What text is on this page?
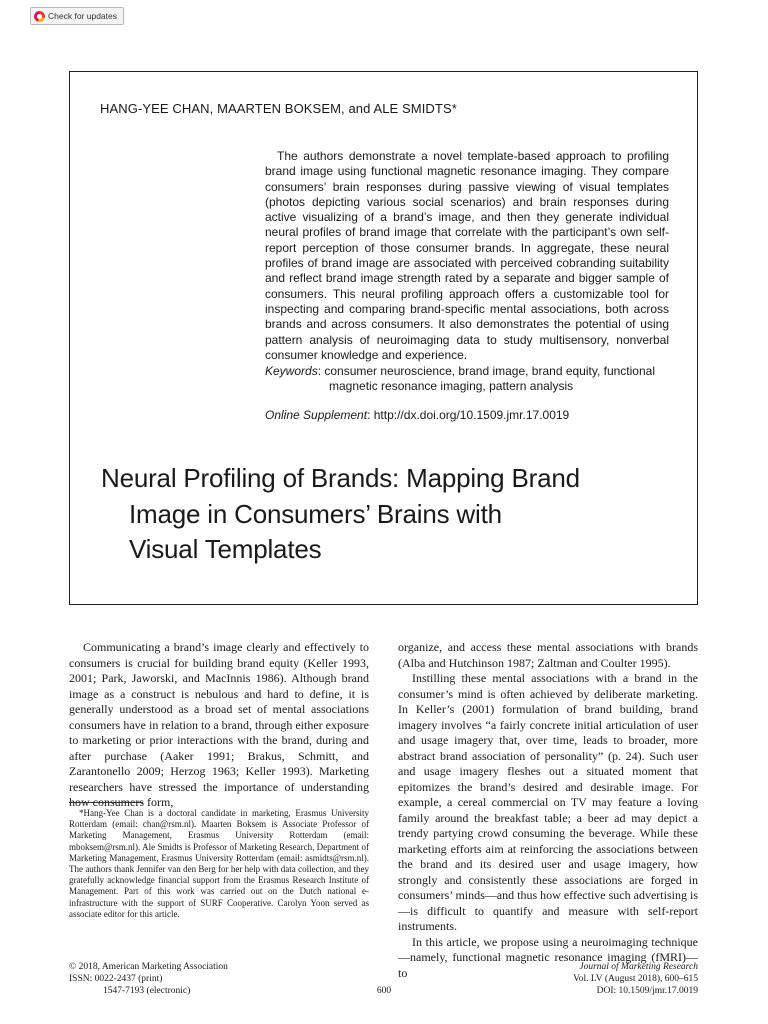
Check for updates
HANG-YEE CHAN, MAARTEN BOKSEM, and ALE SMIDTS*

The authors demonstrate a novel template-based approach to profiling brand image using functional magnetic resonance imaging. They compare consumers’ brain responses during passive viewing of visual templates (photos depicting various social scenarios) and brain responses during active visualizing of a brand’s image, and then they generate individual neural profiles of brand image that correlate with the participant’s own self-report perception of those consumer brands. In aggregate, these neural profiles of brand image are associated with perceived cobranding suitability and reflect brand image strength rated by a separate and bigger sample of consumers. This neural profiling approach offers a customizable tool for inspecting and comparing brand-specific mental associations, both across brands and across consumers. It also demonstrates the potential of using pattern analysis of neuroimaging data to study multisensory, nonverbal consumer knowledge and experience.

Keywords: consumer neuroscience, brand image, brand equity, functional magnetic resonance imaging, pattern analysis
Online Supplement: http://dx.doi.org/10.1509.jmr.17.0019
Neural Profiling of Brands: Mapping Brand
Image in Consumers’ Brains with
Visual Templates

Communicating a brand’s image clearly and effectively to consumers is crucial for building brand equity (Keller 1993, 2001; Park, Jaworski, and MacInnis 1986). Although brand image as a construct is nebulous and hard to define, it is generally understood as a broad set of mental associations consumers have in relation to a brand, through either exposure to marketing or prior interactions with the brand, during and after purchase (Aaker 1991; Brakus, Schmitt, and Zarantonello 2009; Herzog 1963; Keller 1993). Marketing researchers have stressed the importance of understanding how consumers form,

organize, and access these mental associations with brands (Alba and Hutchinson 1987; Zaltman and Coulter 1995).

Instilling these mental associations with a brand in the consumer’s mind is often achieved by deliberate marketing. In Keller’s (2001) formulation of brand building, brand imagery involves “a fairly concrete initial articulation of user and usage imagery that, over time, leads to broader, more abstract brand association of personality” (p. 24). Such user and usage imagery fleshes out a situated moment that epitomizes the brand’s desired and desirable image. For example, a cereal commercial on TV may feature a loving family around the breakfast table; a beer ad may depict a trendy partying crowd consuming the beverage. While these marketing efforts aim at reinforcing the associations between the brand and its desired user and usage imagery, how strongly and consistently these associations are forged in consumers’ minds—and thus how effective such advertising is—is difficult to quantify and measure with self-report instruments.

In this article, we propose using a neuroimaging technique—namely, functional magnetic resonance imaging (fMRI)—to

*Hang-Yee Chan is a doctoral candidate in marketing, Erasmus University Rotterdam (email: chan@rsm.nl). Maarten Boksem is Associate Professor of Marketing Management, Erasmus University Rotterdam (email: mboksem@rsm.nl). Ale Smidts is Professor of Marketing Research, Department of Marketing Management, Erasmus University Rotterdam (email: asmidts@rsm.nl). The authors thank Jennifer van den Berg for her help with data collection, and they gratefully acknowledge financial support from the Erasmus Research Institute of Management. Part of this work was carried out on the Dutch national e-infrastructure with the support of SURF Cooperative. Carolyn Yoon served as associate editor for this article.

© 2018, American Marketing Association
ISSN: 0022-2437 (print)
1547-7193 (electronic)	600
Journal of Marketing Research
Vol. LV (August 2018), 600–615
DOI: 10.1509/jmr.17.0019
